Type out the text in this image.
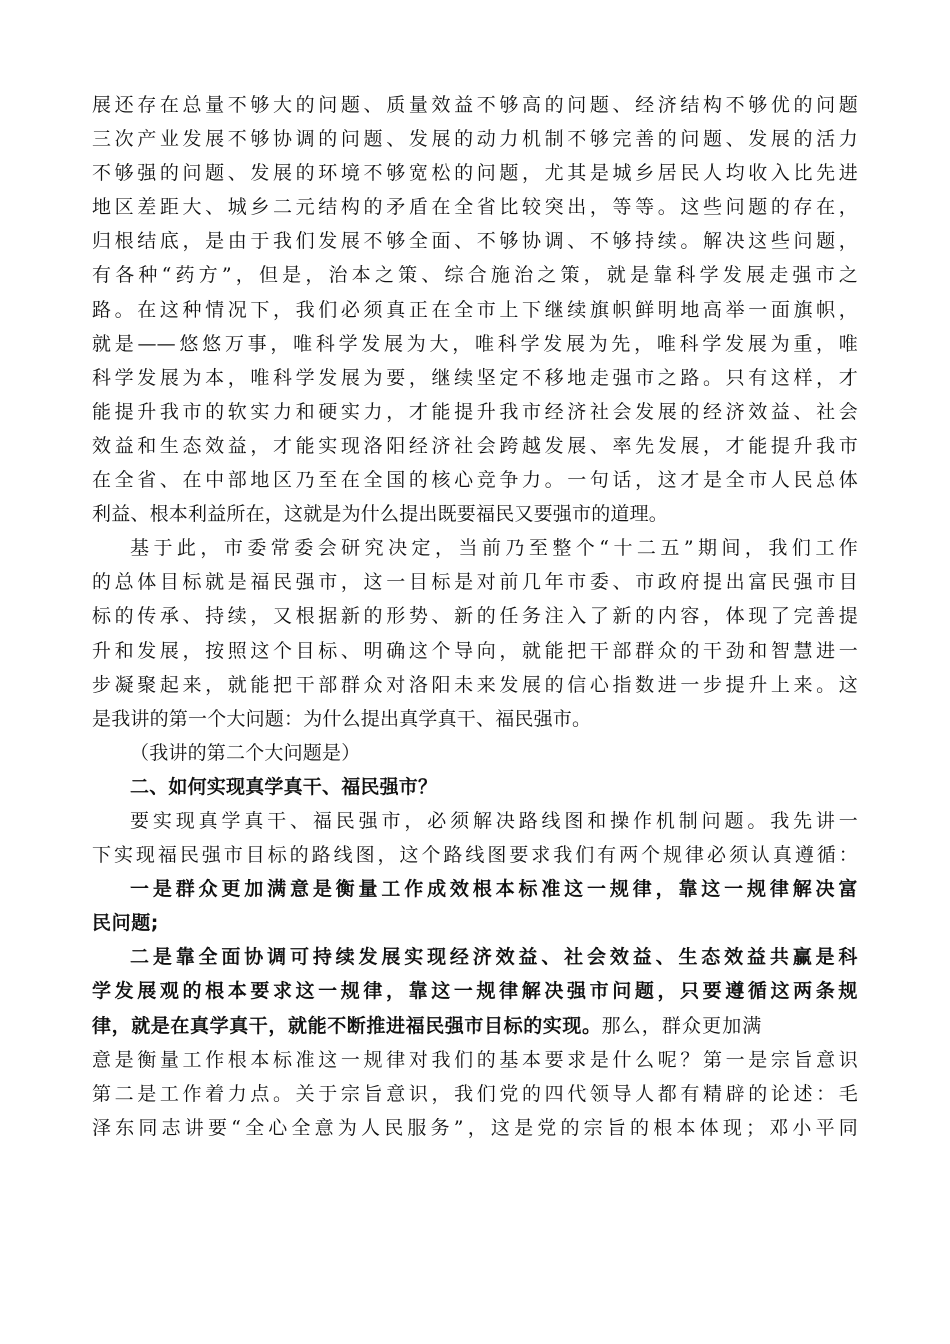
展还存在总量不够大的问题、质量效益不够高的问题、经济结构不够优的问题
三次产业发展不够协调的问题、发展的动力机制不够完善的问题、发展的活力
不够强的问题、发展的环境不够宽松的问题，尤其是城乡居民人均收入比先进
地区差距大、城乡二元结构的矛盾在全省比较突出，等等。这些问题的存在，
归根结底，是由于我们发展不够全面、不够协调、不够持续。解决这些问题，
有各种“药方”，但是，治本之策、综合施治之策，就是靠科学发展走强市之
路。在这种情况下，我们必须真正在全市上下继续旗帜鲜明地高举一面旗帜，
就是——悠悠万事，唯科学发展为大，唯科学发展为先，唯科学发展为重，唯
科学发展为本，唯科学发展为要，继续坚定不移地走强市之路。只有这样，才
能提升我市的软实力和硬实力，才能提升我市经济社会发展的经济效益、社会
效益和生态效益，才能实现洛阳经济社会跨越发展、率先发展，才能提升我市
在全省、在中部地区乃至在全国的核心竞争力。一句话，这才是全市人民总体
利益、根本利益所在，这就是为什么提出既要福民又要强市的道理。
基于此，市委常委会研究决定，当前乃至整个“十二五”期间，我们工作
的总体目标就是福民强市，这一目标是对前几年市委、市政府提出富民强市目
标的传承、持续，又根据新的形势、新的任务注入了新的内容，体现了完善提
升和发展，按照这个目标、明确这个导向，就能把干部群众的干劲和智慧进一
步凝聚起来，就能把干部群众对洛阳未来发展的信心指数进一步提升上来。这
是我讲的第一个大问题：为什么提出真学真干、福民强市。
（我讲的第二个大问题是）
二、如何实现真学真干、福民强市？
要实现真学真干、福民强市，必须解决路线图和操作机制问题。我先讲一
下实现福民强市目标的路线图，这个路线图要求我们有两个规律必须认真遵循：
一是群众更加满意是衡量工作成效根本标准这一规律，靠这一规律解决富
民问题;
二是靠全面协调可持续发展实现经济效益、社会效益、生态效益共赢是科
学发展观的根本要求这一规律，靠这一规律解决强市问题，只要遵循这两条规
律，就是在真学真干，就能不断推进福民强市目标的实现。那么，群众更加满
意是衡量工作根本标准这一规律对我们的基本要求是什么呢？第一是宗旨意识
第二是工作着力点。关于宗旨意识，我们党的四代领导人都有精辟的论述：毛
泽东同志讲要“全心全意为人民服务”，这是党的宗旨的根本体现；邓小平同
